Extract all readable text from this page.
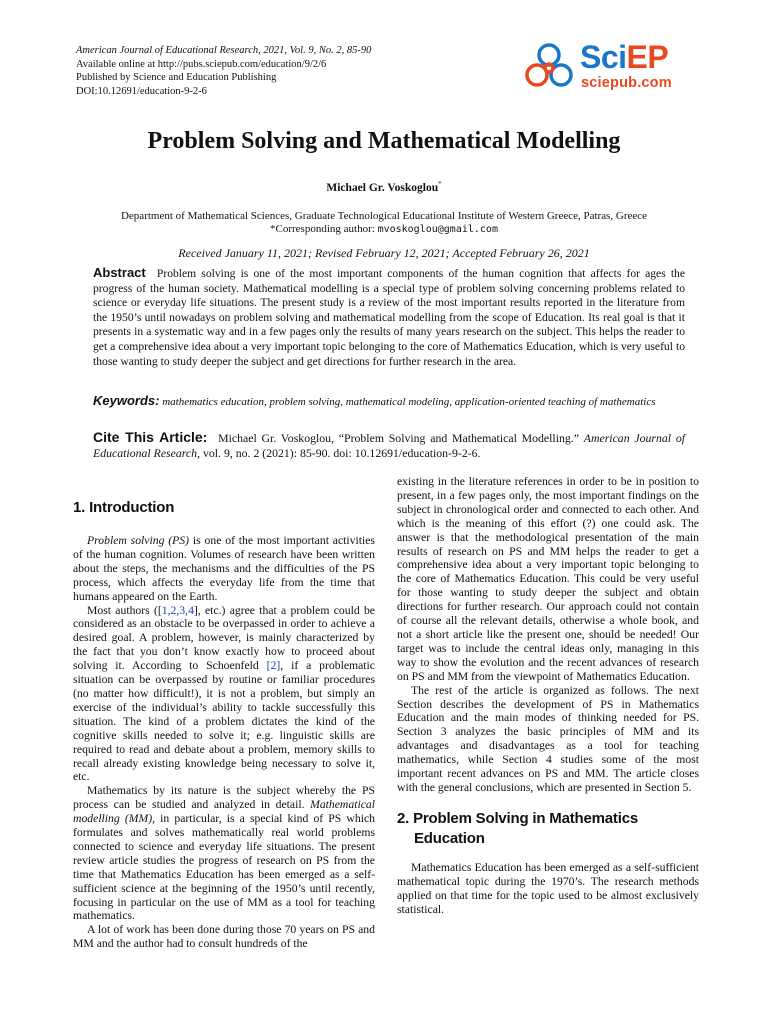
American Journal of Educational Research, 2021, Vol. 9, No. 2, 85-90
Available online at http://pubs.sciepub.com/education/9/2/6
Published by Science and Education Publishing
DOI:10.12691/education-9-2-6
SciEP
sciepub.com
Problem Solving and Mathematical Modelling
Michael Gr. Voskoglou*
Department of Mathematical Sciences, Graduate Technological Educational Institute of Western Greece, Patras, Greece
*Corresponding author: mvoskoglou@gmail.com
Received January 11, 2021; Revised February 12, 2021; Accepted February 26, 2021
Abstract Problem solving is one of the most important components of the human cognition that affects for ages the progress of the human society. Mathematical modelling is a special type of problem solving concerning problems related to science or everyday life situations. The present study is a review of the most important results reported in the literature from the 1950’s until nowadays on problem solving and mathematical modelling from the scope of Education. Its real goal is that it presents in a systematic way and in a few pages only the results of many years research on the subject. This helps the reader to get a comprehensive idea about a very important topic belonging to the core of Mathematics Education, which is very useful to those wanting to study deeper the subject and get directions for further research in the area.
Keywords: mathematics education, problem solving, mathematical modeling, application-oriented teaching of mathematics
Cite This Article: Michael Gr. Voskoglou, “Problem Solving and Mathematical Modelling.” American Journal of Educational Research, vol. 9, no. 2 (2021): 85-90. doi: 10.12691/education-9-2-6.
1. Introduction

Problem solving (PS) is one of the most important activities of the human cognition. Volumes of research have been written about the steps, the mechanisms and the difficulties of the PS process, which affects the everyday life from the time that humans appeared on the Earth.

Most authors ([1,2,3,4], etc.) agree that a problem could be considered as an obstacle to be overpassed in order to achieve a desired goal. A problem, however, is mainly characterized by the fact that you don’t know exactly how to proceed about solving it. According to Schoenfeld [2], if a problematic situation can be overpassed by routine or familiar procedures (no matter how difficult!), it is not a problem, but simply an exercise of the individual’s ability to tackle successfully this situation. The kind of a problem dictates the kind of the cognitive skills needed to solve it; e.g. linguistic skills are required to read and debate about a problem, memory skills to recall already existing knowledge being necessary to solve it, etc.

Mathematics by its nature is the subject whereby the PS process can be studied and analyzed in detail. Mathematical modelling (MM), in particular, is a special kind of PS which formulates and solves mathematically real world problems connected to science and everyday life situations. The present review article studies the progress of research on PS from the time that Mathematics Education has been emerged as a self-sufficient science at the beginning of the 1950’s until recently, focusing in particular on the use of MM as a tool for teaching mathematics.

A lot of work has been done during those 70 years on PS and MM and the author had to consult hundreds of the

existing in the literature references in order to be in position to present, in a few pages only, the most important findings on the subject in chronological order and connected to each other. And which is the meaning of this effort (?) one could ask. The answer is that the methodological presentation of the main results of research on PS and MM helps the reader to get a comprehensive idea about a very important topic belonging to the core of Mathematics Education. This could be very useful for those wanting to study deeper the subject and obtain directions for further research. Our approach could not contain of course all the relevant details, otherwise a whole book, and not a short article like the present one, should be needed! Our target was to include the central ideas only, managing in this way to show the evolution and the recent advances of research on PS and MM from the viewpoint of Mathematics Education.

The rest of the article is organized as follows. The next Section describes the development of PS in Mathematics Education and the main modes of thinking needed for PS. Section 3 analyzes the basic principles of MM and its advantages and disadvantages as a tool for teaching mathematics, while Section 4 studies some of the most important recent advances on PS and MM. The article closes with the general conclusions, which are presented in Section 5.

2. Problem Solving in Mathematics
Education

Mathematics Education has been emerged as a self-sufficient mathematical topic during the 1970’s. The research methods applied on that time for the topic used to be almost exclusively statistical.
